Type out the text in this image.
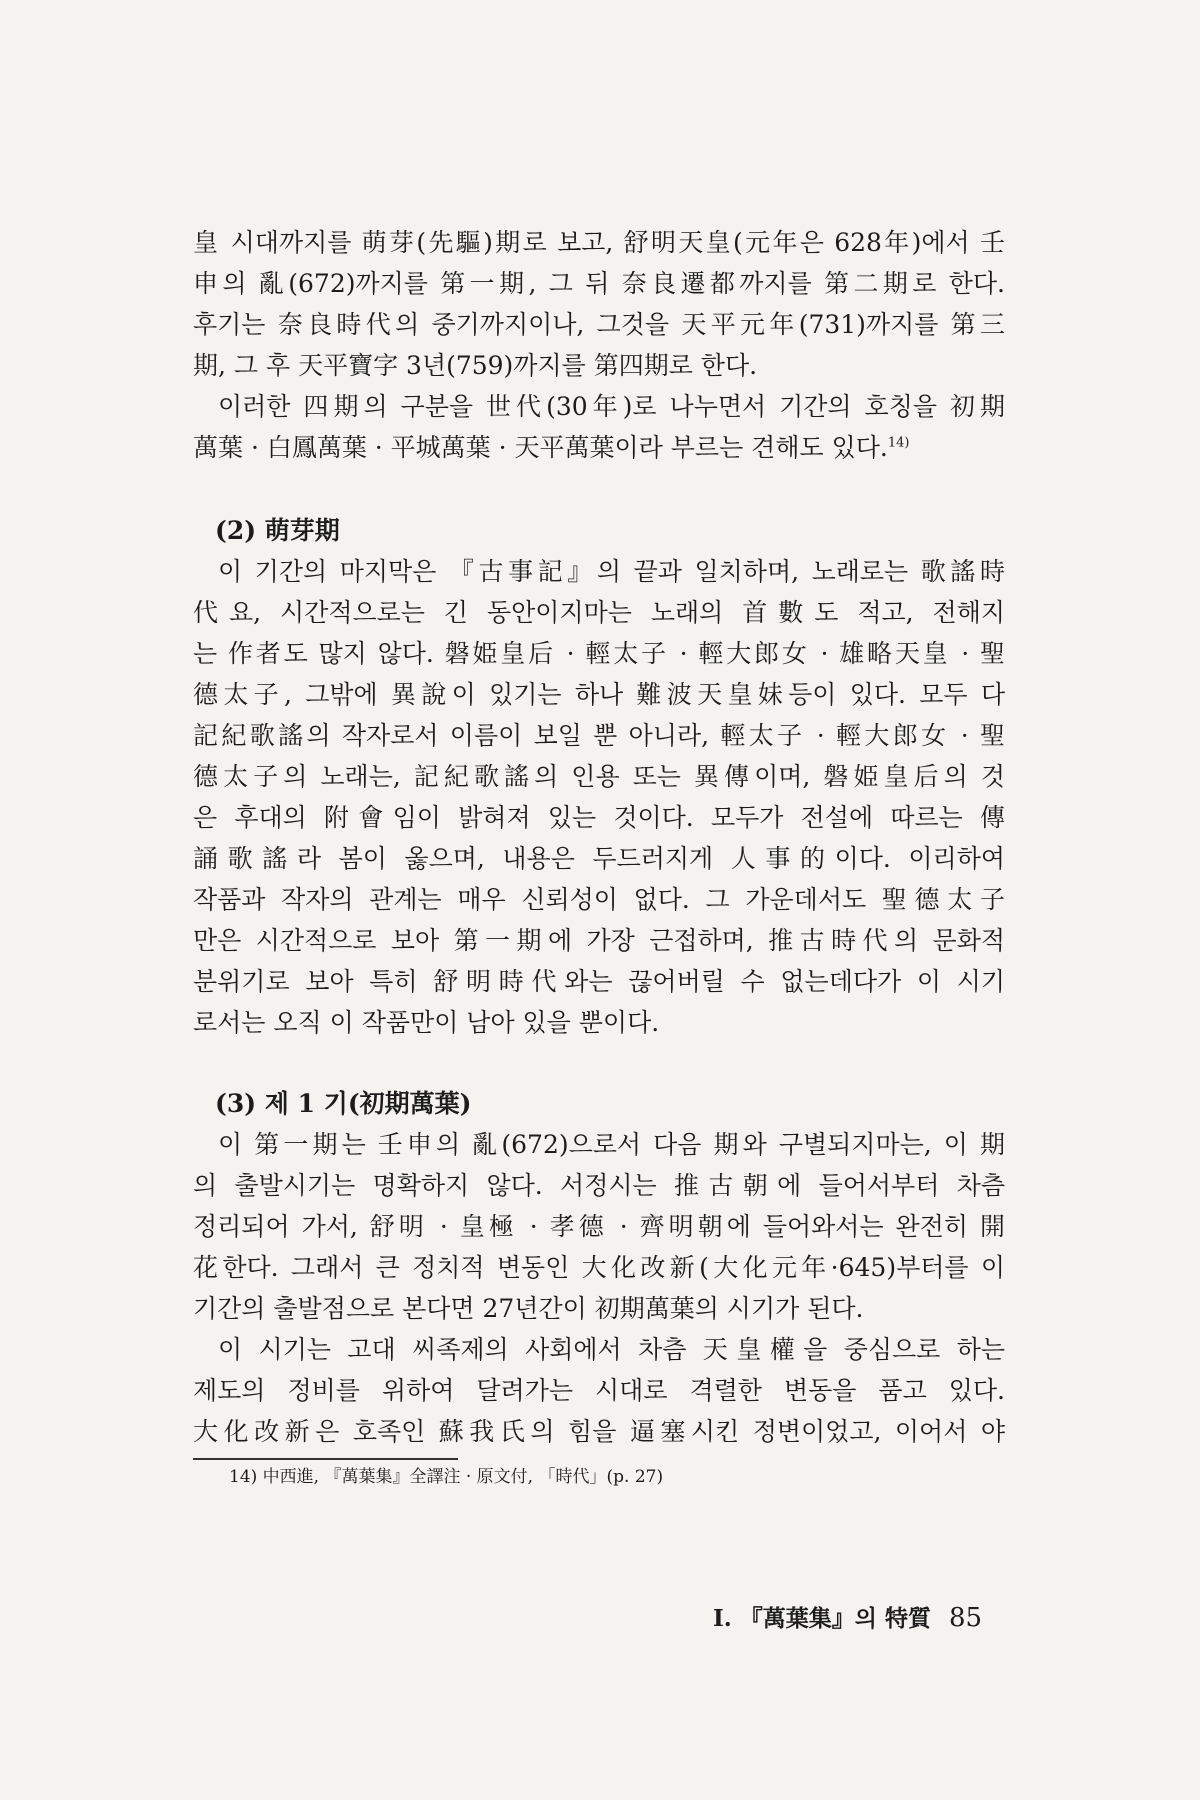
皇 시대까지를 萌芽(先驅)期로 보고, 舒明天皇(元年은 628年)에서 壬
申의 亂(672)까지를 第一期, 그 뒤 奈良遷都까지를 第二期로 한다.
후기는 奈良時代의 중기까지이나, 그것을 天平元年(731)까지를 第三
期, 그 후 天平寶字 3년(759)까지를 第四期로 한다.

이러한 四期의 구분을 世代(30年)로 나누면서 기간의 호칭을 初期
萬葉 · 白鳳萬葉 · 平城萬葉 · 天平萬葉이라 부르는 견해도 있다.$^{14)}$

(2) 萌芽期

이 기간의 마지막은 『古事記』의 끝과 일치하며, 노래로는 歌謠時
代요, 시간적으로는 긴 동안이지마는 노래의 首數도 적고, 전해지
는 作者도 많지 않다. 磐姫皇后 · 輕太子 · 輕大郎女 · 雄略天皇 · 聖
德太子, 그밖에 異說이 있기는 하나 難波天皇妹등이 있다. 모두 다
記紀歌謠의 작자로서 이름이 보일 뿐 아니라, 輕太子 · 輕大郎女 · 聖
德太子의 노래는, 記紀歌謠의 인용 또는 異傳이며, 磐姫皇后의 것
은 후대의 附會임이 밝혀져 있는 것이다. 모두가 전설에 따르는 傳
誦歌謠라 봄이 옳으며, 내용은 두드러지게 人事的이다. 이리하여
작품과 작자의 관계는 매우 신뢰성이 없다. 그 가운데서도 聖德太子
만은 시간적으로 보아 第一期에 가장 근접하며, 推古時代의 문화적
분위기로 보아 특히 舒明時代와는 끊어버릴 수 없는데다가 이 시기
로서는 오직 이 작품만이 남아 있을 뿐이다.

(3) 제 1 기(初期萬葉)

이 第一期는 壬申의 亂(672)으로서 다음 期와 구별되지마는, 이 期
의 출발시기는 명확하지 않다. 서정시는 推古朝에 들어서부터 차츰
정리되어 가서, 舒明 · 皇極 · 孝德 · 齊明朝에 들어와서는 완전히 開
花한다. 그래서 큰 정치적 변동인 大化改新(大化元年·645)부터를 이
기간의 출발점으로 본다면 27년간이 初期萬葉의 시기가 된다.

이 시기는 고대 씨족제의 사회에서 차츰 天皇權을 중심으로 하는
제도의 정비를 위하여 달려가는 시대로 격렬한 변동을 품고 있다.
大化改新은 호족인 蘇我氏의 힘을 逼塞시킨 정변이었고, 이어서 야

14) 中西進, 『萬葉集』全譯注 · 原文付, 「時代」(p. 27)

I. 『萬葉集』의 特質 85
